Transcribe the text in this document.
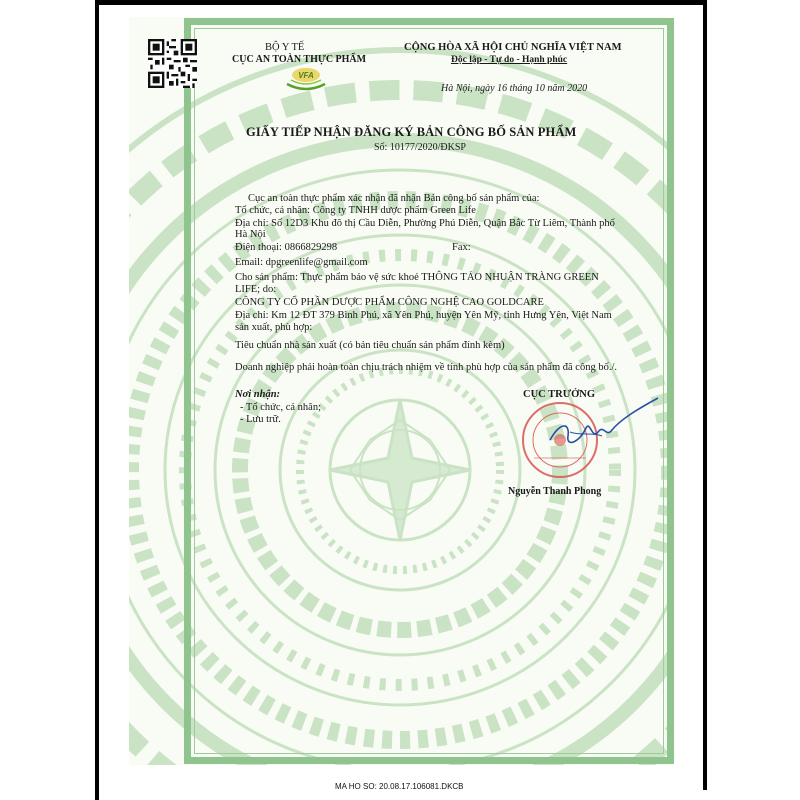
BỘ Y TẾ
CỤC AN TOÀN THỰC PHẨM
VFA
CỘNG HÒA XÃ HỘI CHỦ NGHĨA VIỆT NAM
Độc lập - Tự do - Hạnh phúc
Hà Nội, ngày 16 tháng 10 năm 2020
GIẤY TIẾP NHẬN ĐĂNG KÝ BẢN CÔNG BỐ SẢN PHẨM
Số: 10177/2020/ĐKSP
Cục an toàn thực phẩm xác nhận đã nhận Bản công bố sản phẩm của:
Tổ chức, cá nhân: Công ty TNHH dược phẩm Green Life
Địa chỉ: Số 12D3 Khu đô thị Cầu Diễn, Phường Phú Diễn, Quận Bắc Từ Liêm, Thành phố
Hà Nội
Điện thoại: 0866829298	Fax:
Email: dpgreenlife@gmail.com
Cho sản phẩm: Thực phẩm bảo vệ sức khoẻ THÔNG TẢO NHUẬN TRÀNG GREEN
LIFE; do:
CÔNG TY CỔ PHẦN DƯỢC PHẨM CÔNG NGHỆ CAO GOLDCARE
Địa chỉ: Km 12 ĐT 379 Bình Phú, xã Yên Phú, huyện Yên Mỹ, tỉnh Hưng Yên, Việt Nam
sản xuất, phù hợp:
Tiêu chuẩn nhà sản xuất (có bản tiêu chuẩn sản phẩm đính kèm)
Doanh nghiệp phải hoàn toàn chịu trách nhiệm về tính phù hợp của sản phẩm đã công bố./.
Nơi nhận:
- Tổ chức, cá nhân;
- Lưu trữ.
CỤC TRƯỞNG
Nguyễn Thanh Phong
MA HO SO: 20.08.17.106081.DKCB
